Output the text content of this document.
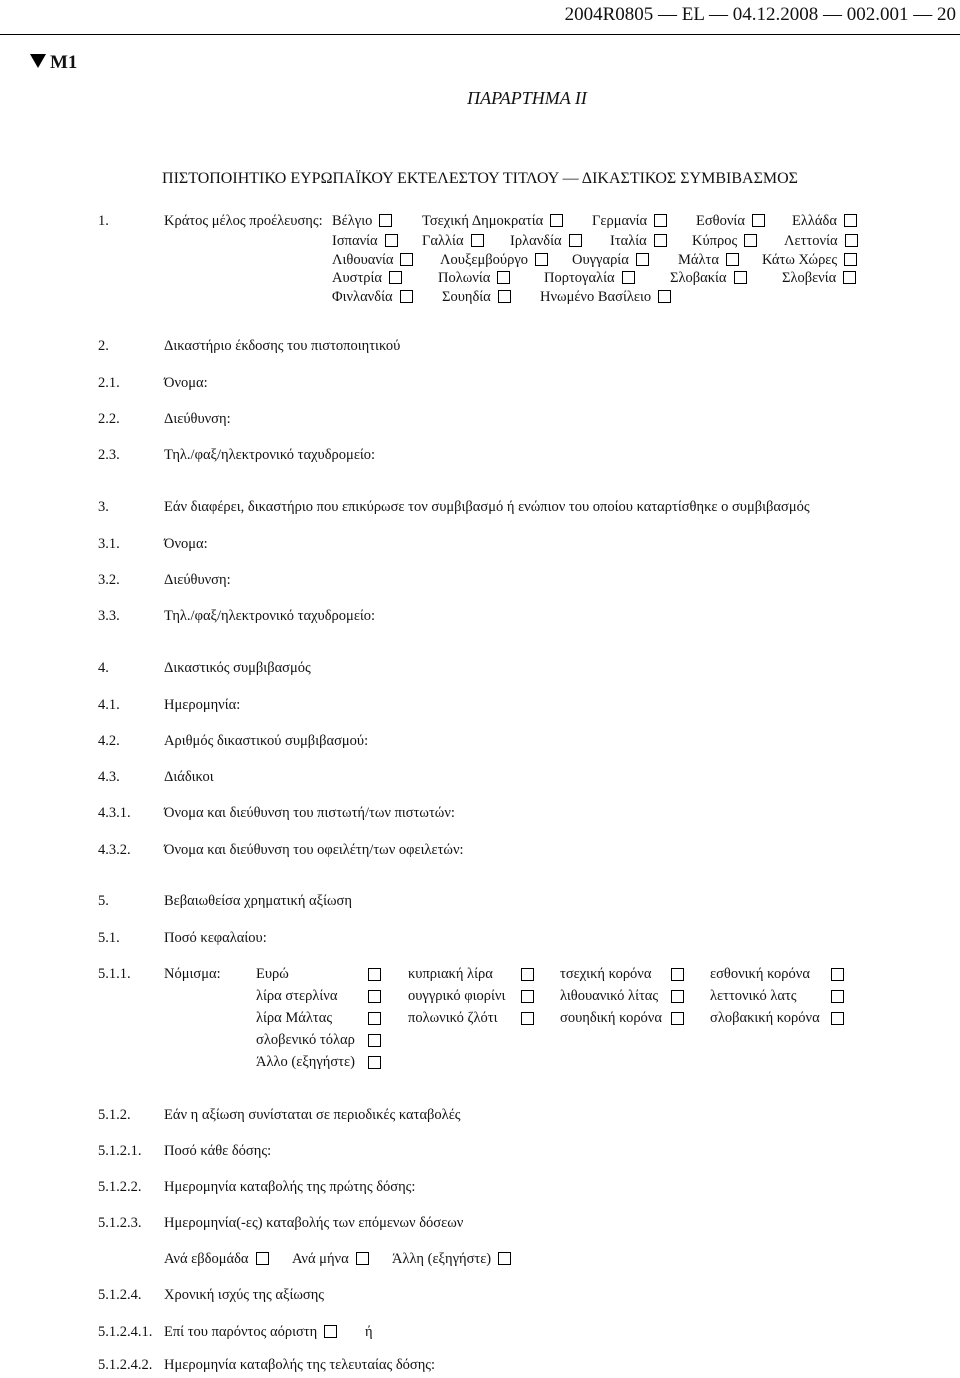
2004R0805 — EL — 04.12.2008 — 002.001 — 20
M1
ΠΑΡΑΡΤΗΜΑ II
ΠΙΣΤΟΠΟΙΗΤΙΚΟ ΕΥΡΩΠΑΪΚΟΥ ΕΚΤΕΛΕΣΤΟΥ ΤΙΤΛΟΥ — ΔΙΚΑΣΤΙΚΟΣ ΣΥΜΒΙΒΑΣΜΟΣ
1.	Κράτος μέλος προέλευσης: Βέλγιο	Τσεχική Δημοκρατία	Γερμανία	Εσθονία	Ελλάδα
Ισπανία	Γαλλία	Ιρλανδία	Ιταλία	Κύπρος	Λεττονία
Λιθουανία	Λουξεμβούργο	Ουγγαρία	Μάλτα	Κάτω Χώρες
Αυστρία	Πολωνία	Πορτογαλία	Σλοβακία	Σλοβενία
Φινλανδία	Σουηδία	Ηνωμένο Βασίλειο
2.	Δικαστήριο έκδοσης του πιστοποιητικού
2.1.	Όνομα:
2.2.	Διεύθυνση:
2.3.	Τηλ./φαξ/ηλεκτρονικό ταχυδρομείο:
3.	Εάν διαφέρει, δικαστήριο που επικύρωσε τον συμβιβασμό ή ενώπιον του οποίου καταρτίσθηκε ο συμβιβασμός
3.1.	Όνομα:
3.2.	Διεύθυνση:
3.3.	Τηλ./φαξ/ηλεκτρονικό ταχυδρομείο:
4.	Δικαστικός συμβιβασμός
4.1.	Ημερομηνία:
4.2.	Αριθμός δικαστικού συμβιβασμού:
4.3.	Διάδικοι
4.3.1. Όνομα και διεύθυνση του πιστωτή/των πιστωτών:
4.3.2. Όνομα και διεύθυνση του οφειλέτη/των οφειλετών:
5.	Βεβαιωθείσα χρηματική αξίωση
5.1.	Ποσό κεφαλαίου:
5.1.1. Νόμισμα: Ευρώ	κυπριακή λίρα	τσεχική κορόνα	εσθονική κορόνα
λίρα στερλίνα	ουγγρικό φιορίνι	λιθουανικό λίτας	λεττονικό λατς
λίρα Μάλτας	πολωνικό ζλότι	σουηδική κορόνα	σλοβακική κορόνα
σλοβενικό τόλαρ
Άλλο (εξηγήστε)
5.1.2. Εάν η αξίωση συνίσταται σε περιοδικές καταβολές
5.1.2.1. Ποσό κάθε δόσης:
5.1.2.2. Ημερομηνία καταβολής της πρώτης δόσης:
5.1.2.3. Ημερομηνία(-ες) καταβολής των επόμενων δόσεων
Ανά εβδομάδα	Ανά μήνα	Άλλη (εξηγήστε)
5.1.2.4. Χρονική ισχύς της αξίωσης
5.1.2.4.1. Επί του παρόντος αόριστη	ή
5.1.2.4.2. Ημερομηνία καταβολής της τελευταίας δόσης:
